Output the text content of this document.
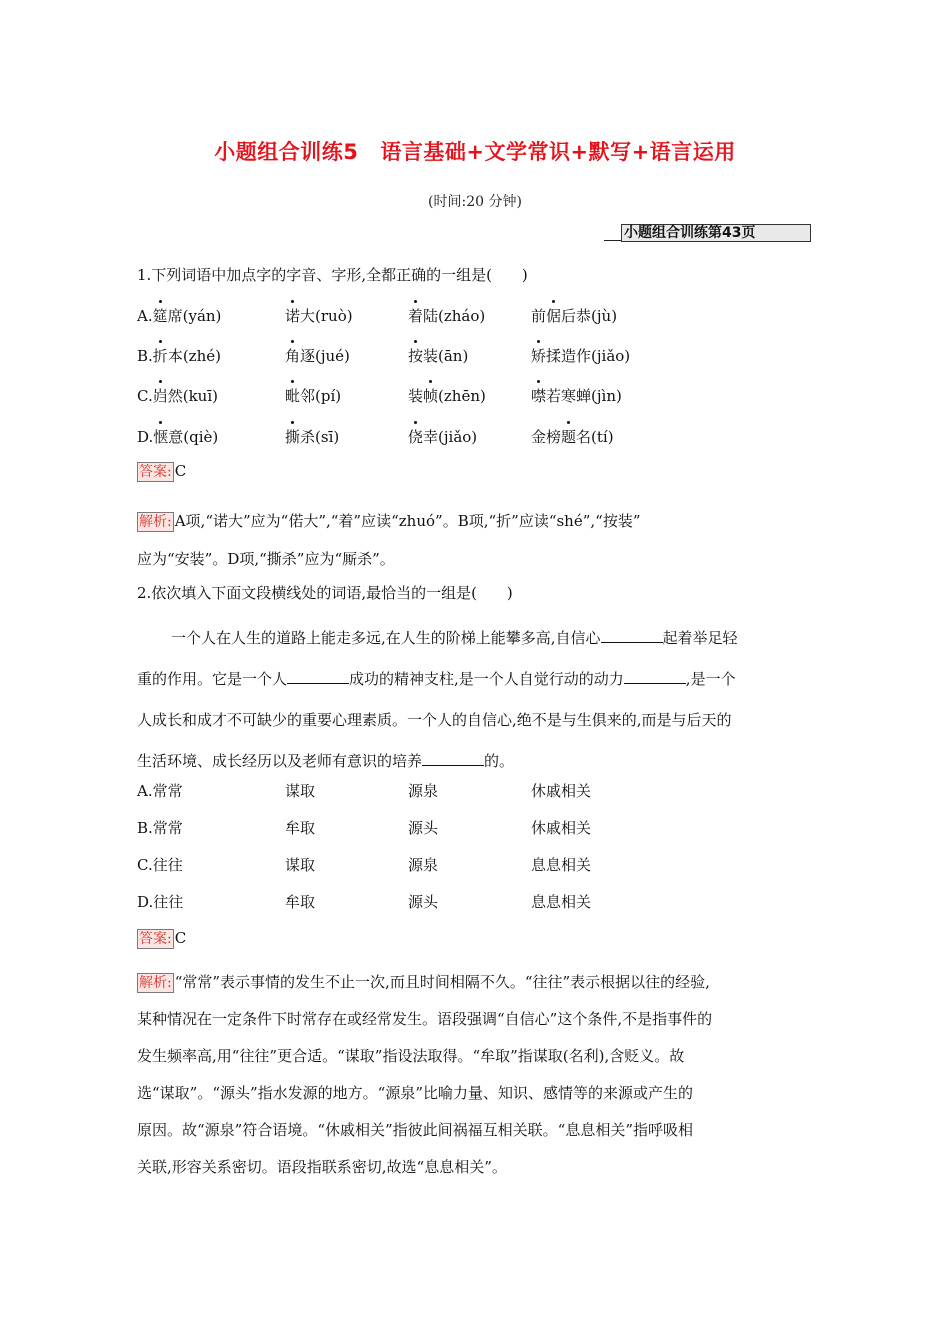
小题组合训练5 语言基础+文学常识+默写+语言运用
(时间:20 分钟)
小题组合训练第43页
1.下列词语中加点字的字音、字形,全都正确的一组是(　　)
A.筵席(yán)	诺大(ruò)	着陆(zháo)	前倨后恭(jù)
B.折本(zhé)	角逐(jué)	按装(ān)	矫揉造作(jiǎo)
C.岿然(kuī)	毗邻(pí)	装帧(zhēn)	噤若寒蝉(jìn)
D.惬意(qiè)	撕杀(sī)	侥幸(jiǎo)	金榜题名(tí)
答案: C
解析: A项,“诺大”应为“偌大”,“着”应读“zhuó”。B项,“折”应读“shé”,“按装”
应为“安装”。D项,“撕杀”应为“厮杀”。
2.依次填入下面文段横线处的词语,最恰当的一组是(　　)
一个人在人生的道路上能走多远,在人生的阶梯上能攀多高,自信心	起着举足轻
重的作用。它是一个人	成功的精神支柱,是一个人自觉行动的动力	,是一个
人成长和成才不可缺少的重要心理素质。一个人的自信心,绝不是与生俱来的,而是与后天的
生活环境、成长经历以及老师有意识的培养	的。
A.常常	谋取	源泉	休戚相关
B.常常	牟取	源头	休戚相关
C.往往	谋取	源泉	息息相关
D.往往	牟取	源头	息息相关
答案: C
解析: “常常”表示事情的发生不止一次,而且时间相隔不久。“往往”表示根据以往的经验,
某种情况在一定条件下时常存在或经常发生。语段强调“自信心”这个条件,不是指事件的
发生频率高,用“往往”更合适。“谋取”指设法取得。“牟取”指谋取(名利),含贬义。故
选“谋取”。“源头”指水发源的地方。“源泉”比喻力量、知识、感情等的来源或产生的
原因。故“源泉”符合语境。“休戚相关”指彼此间祸福互相关联。“息息相关”指呼吸相
关联,形容关系密切。语段指联系密切,故选“息息相关”。
